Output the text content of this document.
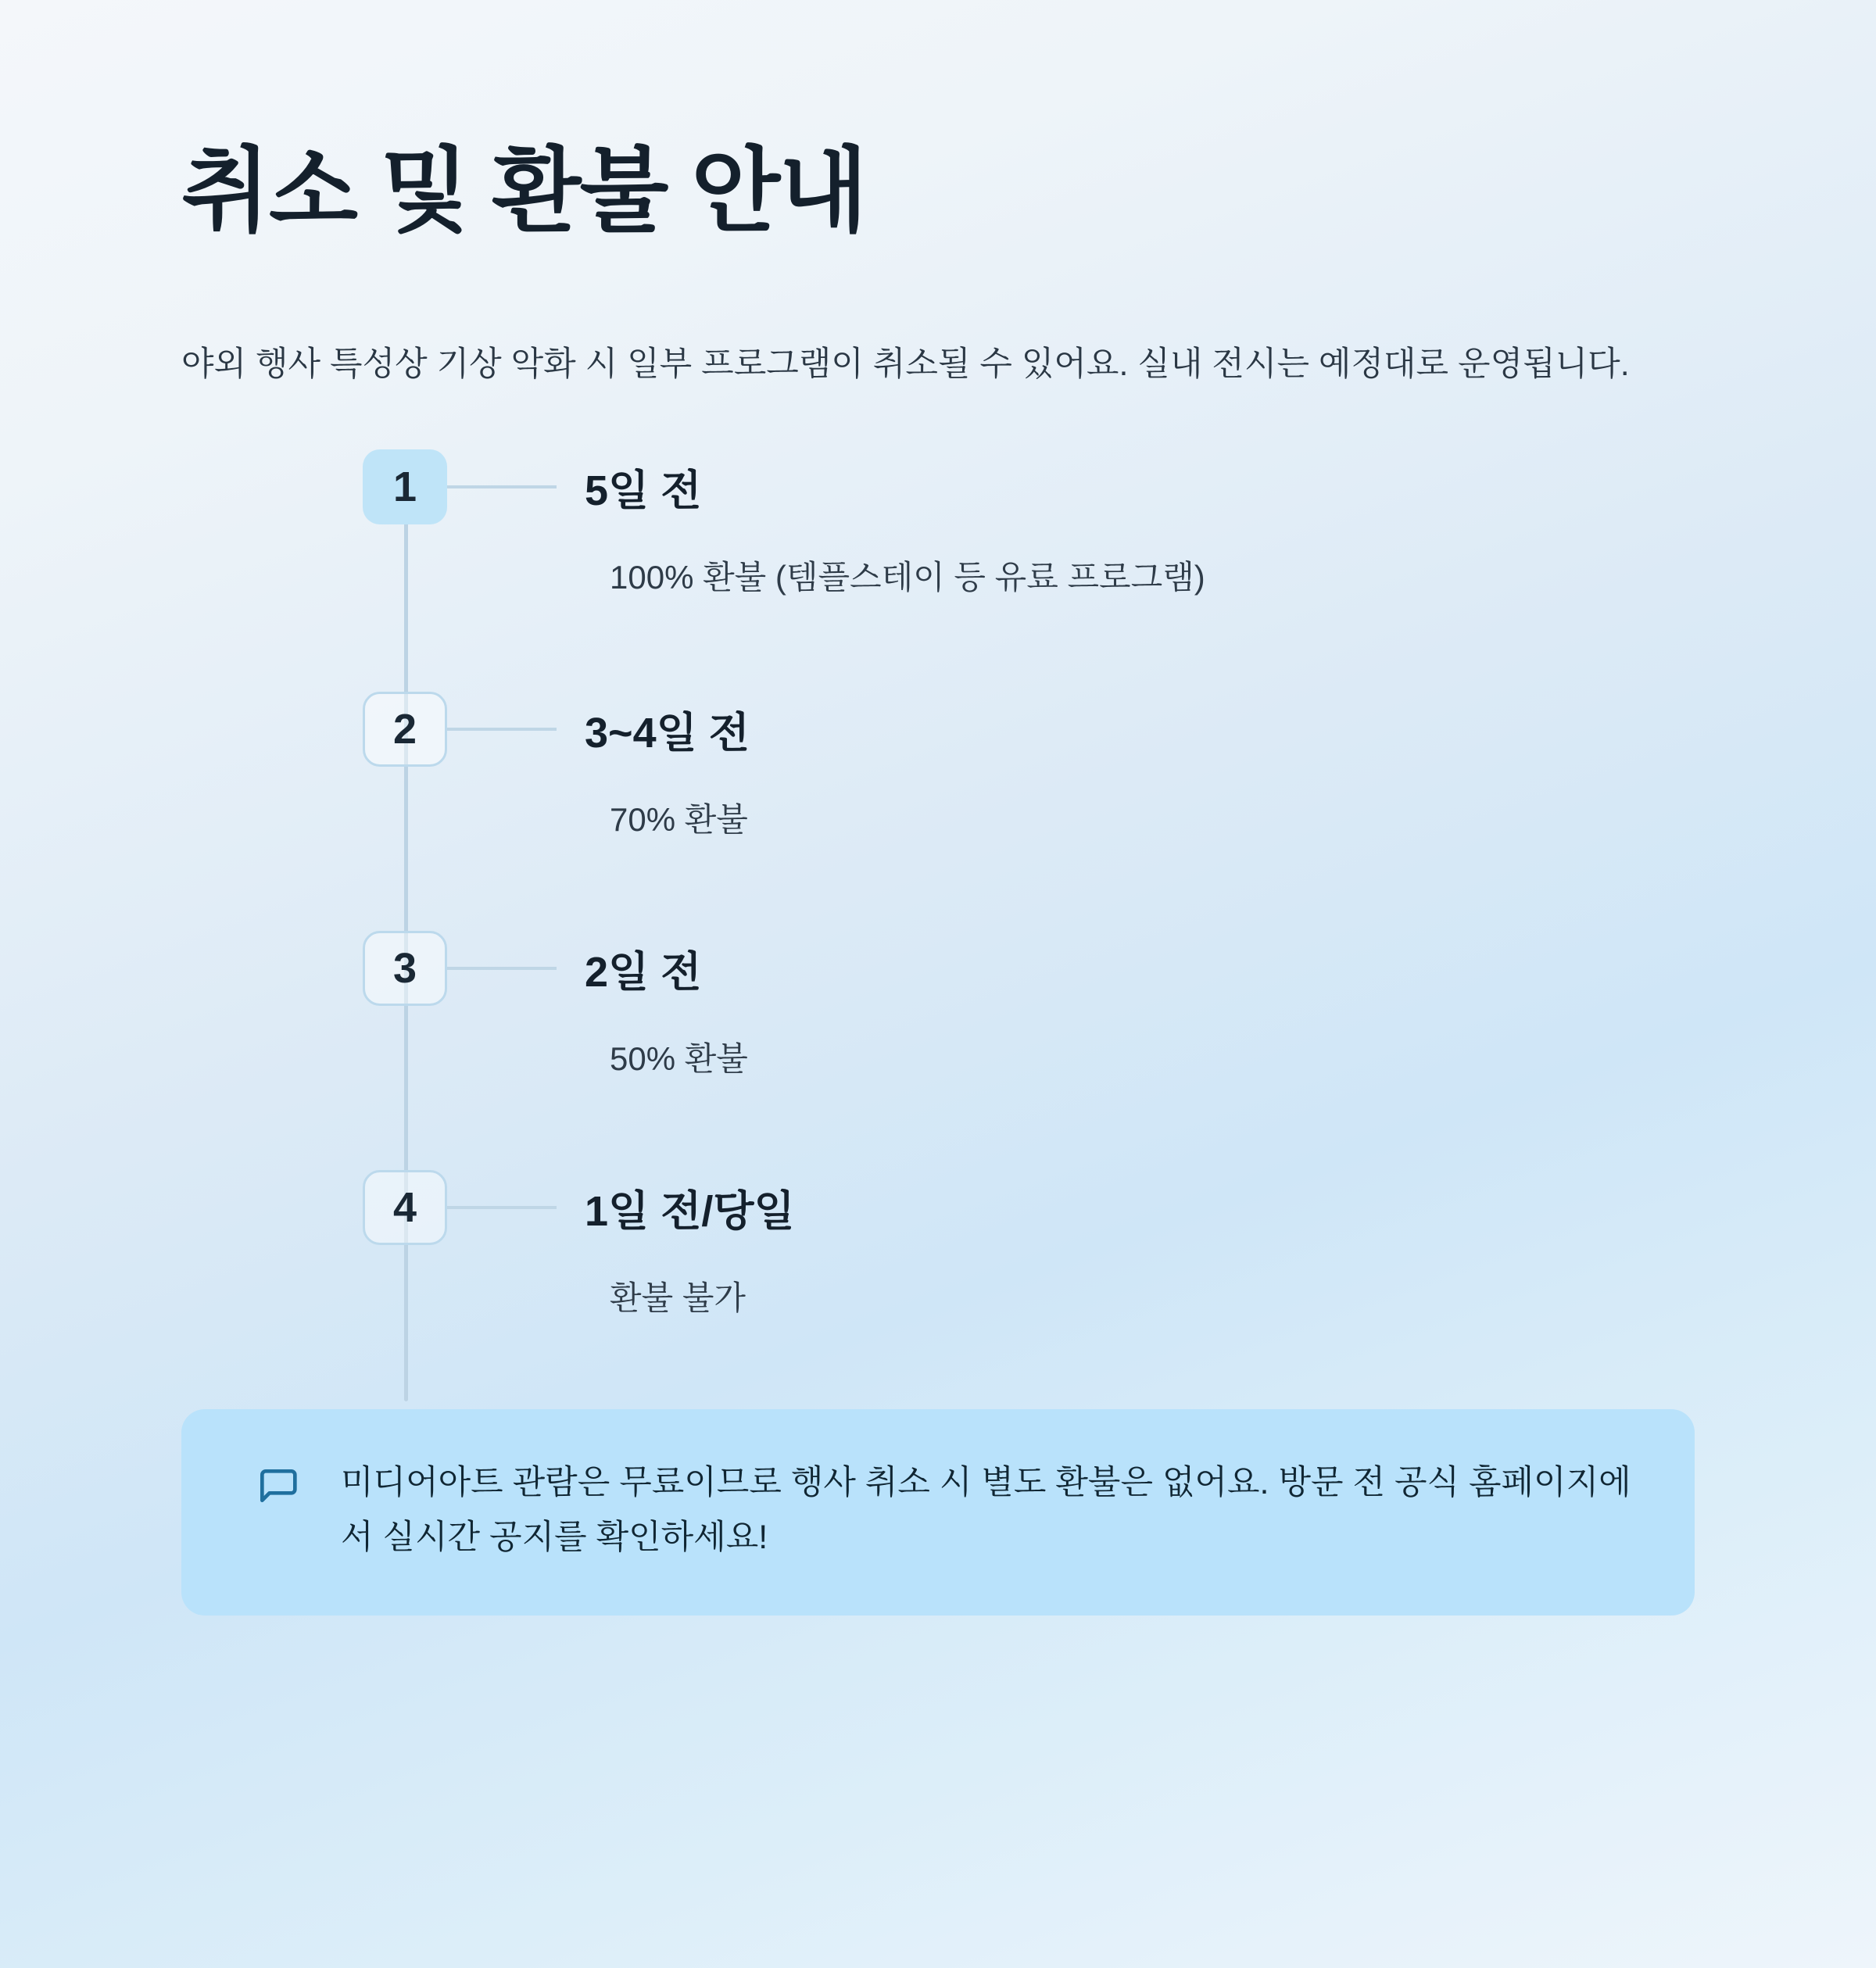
취소 및 환불 안내

야외 행사 특성상 기상 악화 시 일부 프로그램이 취소될 수 있어요. 실내 전시는 예정대로 운영됩니다.

1	5일 전
100% 환불 (템플스테이 등 유료 프로그램)
2	3~4일 전
70% 환불
3	2일 전
50% 환불
4	1일 전/당일
환불 불가
미디어아트 관람은 무료이므로 행사 취소 시 별도 환불은 없어요. 방문 전 공식 홈페이지에서 실시간 공지를 확인하세요!
